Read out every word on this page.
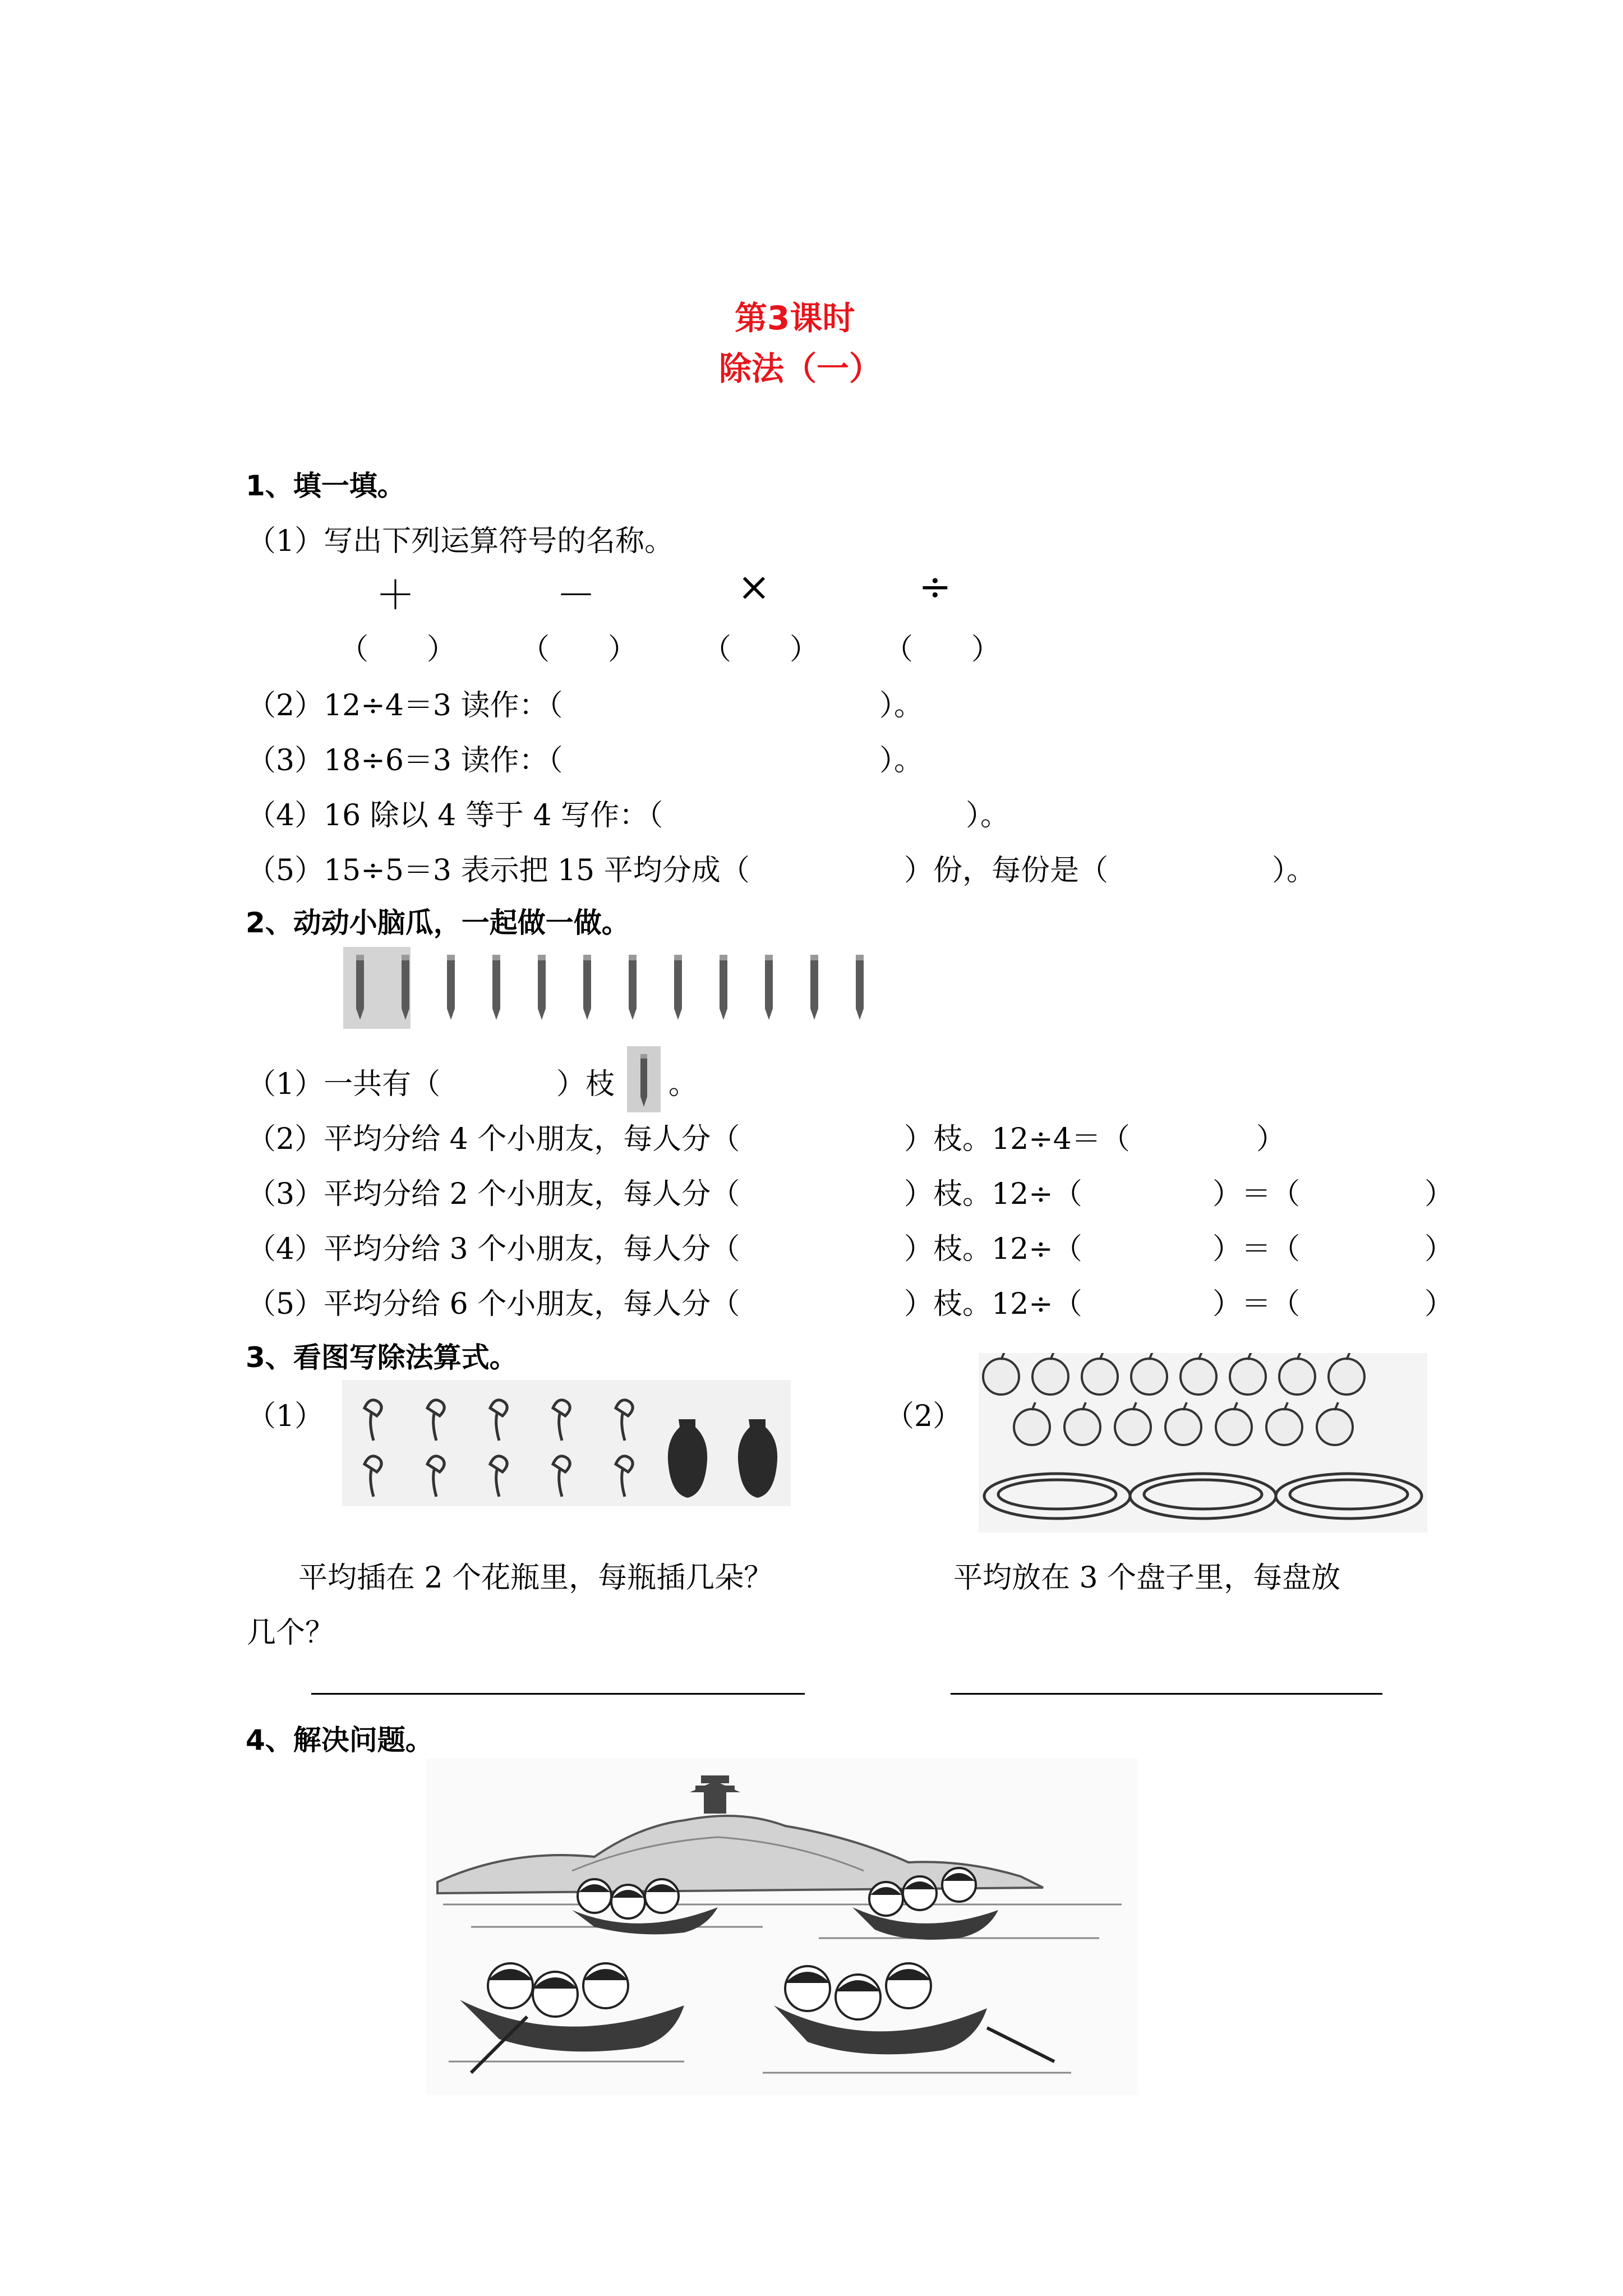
第3课时
除法（一）
1、填一填。
（1）写出下列运算符号的名称。
＋	－	×	÷
（　　） （　　） （　　） （　　）
（2）12÷4＝3 读作：（	）。
（3）18÷6＝3 读作：（	）。
（4）16 除以 4 等于 4 写作：（	）。
（5）15÷5＝3 表示把 15 平均分成（	）份，每份是（	）。
2、动动小脑瓜，一起做一做。
（1）一共有（	）枝 。
（2）平均分给 4 个小朋友，每人分（	）枝。12÷4＝（	）
（3）平均分给 2 个小朋友，每人分（	）枝。12÷（	）＝（	）
（4）平均分给 3 个小朋友，每人分（	）枝。12÷（	）＝（	）
（5）平均分给 6 个小朋友，每人分（	）枝。12÷（	）＝（	）
3、看图写除法算式。
（1）	（2）
平均插在 2 个花瓶里，每瓶插几朵？	平均放在 3 个盘子里，每盘放
几个？
4、解决问题。
